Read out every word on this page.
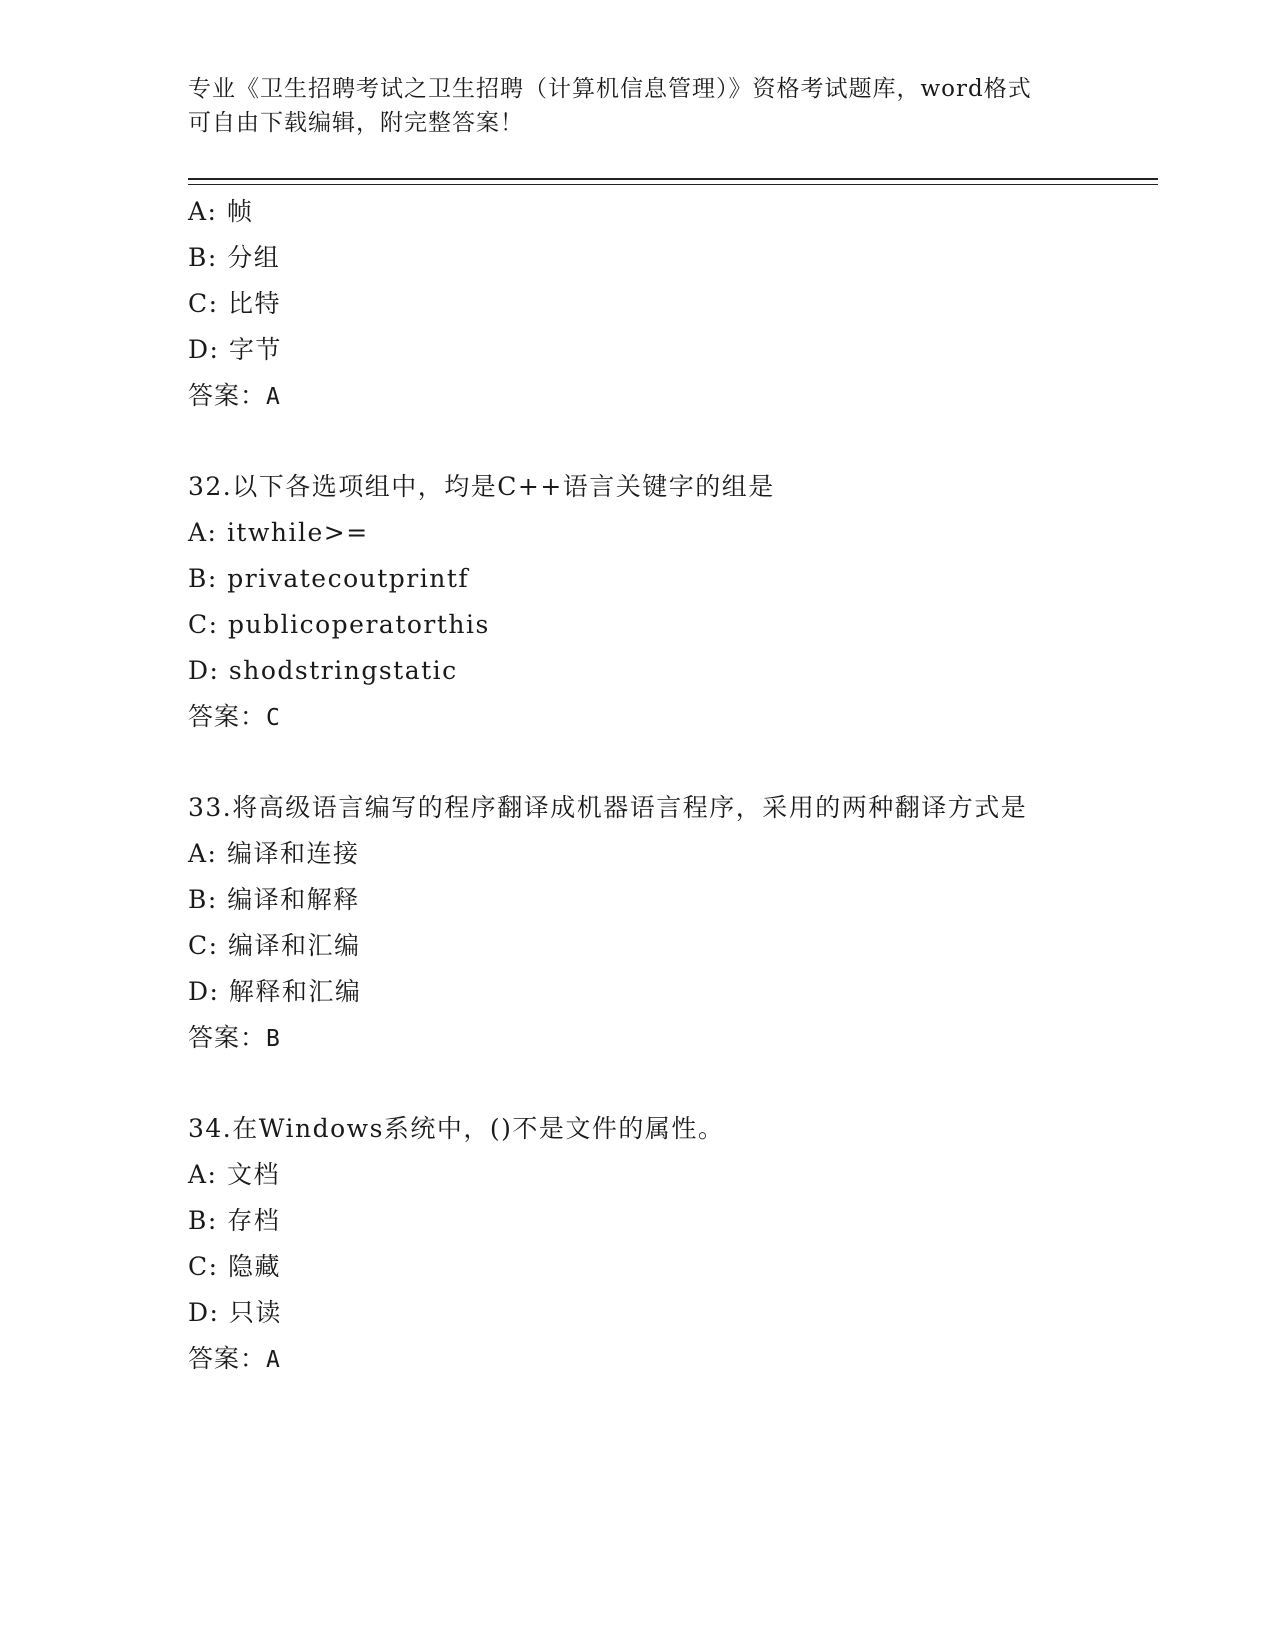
专业《卫生招聘考试之卫生招聘（计算机信息管理）》资格考试题库，word格式
可自由下载编辑，附完整答案！
A: 帧
B: 分组
C: 比特
D: 字节
答案：A
32.以下各选项组中，均是C++语言关键字的组是
A: itwhile>=
B: privatecoutprintf
C: publicoperatorthis
D: shodstringstatic
答案：C
33.将高级语言编写的程序翻译成机器语言程序，采用的两种翻译方式是
A: 编译和连接
B: 编译和解释
C: 编译和汇编
D: 解释和汇编
答案：B
34.在Windows系统中，()不是文件的属性。
A: 文档
B: 存档
C: 隐藏
D: 只读
答案：A
